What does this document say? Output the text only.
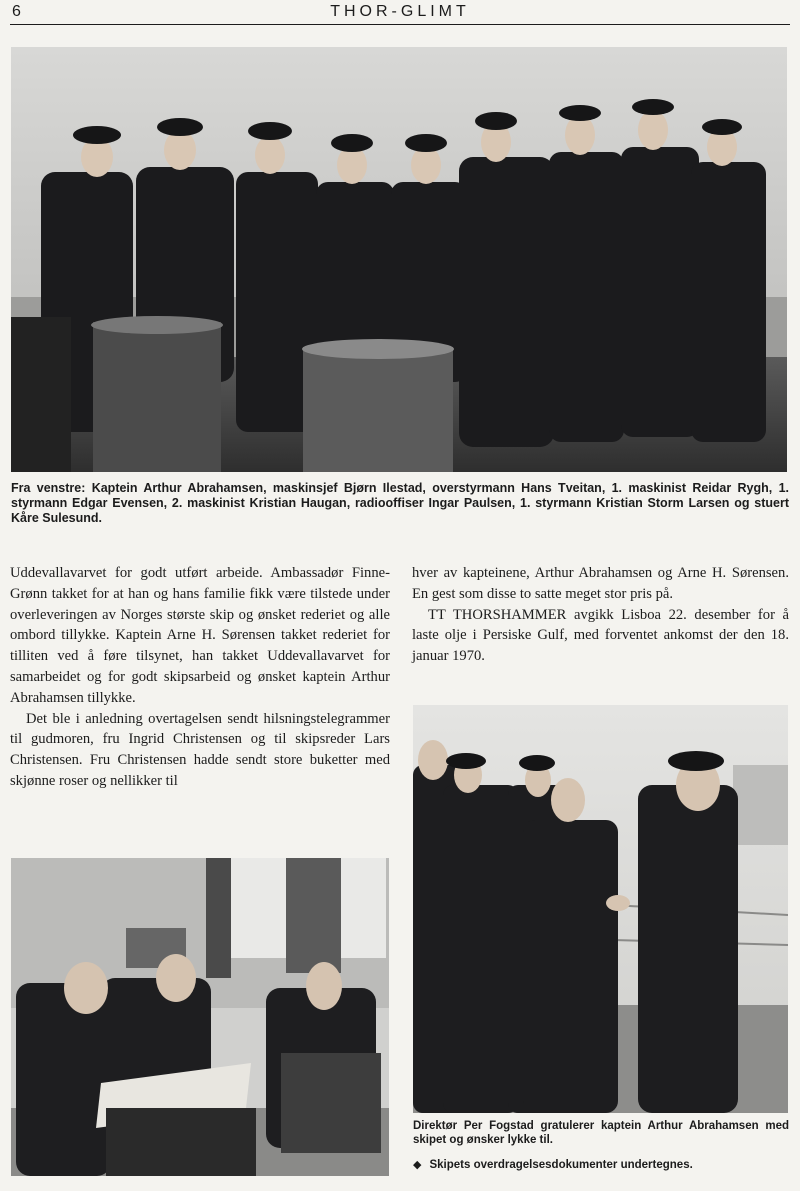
6	THOR-GLIMT
Fra venstre: Kaptein Arthur Abrahamsen, maskinsjef Bjørn Ilestad, overstyrmann Hans Tveitan, 1. maskinist Reidar Rygh, 1. styrmann Edgar Evensen, 2. maskinist Kristian Haugan, radiooffiser Ingar Paulsen, 1. styrmann Kristian Storm Larsen og stuert Kåre Sulesund.

Uddevallavarvet for godt utført arbeide. Ambassadør Finne-Grønn takket for at han og hans familie fikk være tilstede under overleveringen av Norges største skip og ønsket rederiet og alle ombord tillykke. Kaptein Arne H. Sørensen takket rederiet for tilliten ved å føre tilsynet, han takket Uddevallavarvet for samarbeidet og for godt skipsarbeid og ønsket kaptein Arthur Abrahamsen tillykke.

Det ble i anledning overtagelsen sendt hilsningstelegrammer til gudmoren, fru Ingrid Christensen og til skipsreder Lars Christensen. Fru Christensen hadde sendt store buketter med skjønne roser og nellikker til

hver av kapteinene, Arthur Abrahamsen og Arne H. Sørensen. En gest som disse to satte meget stor pris på.

TT THORSHAMMER avgikk Lisboa 22. desember for å laste olje i Persiske Gulf, med forventet ankomst der den 18. januar 1970.

Direktør Per Fogstad gratulerer kaptein Arthur Abrahamsen med skipet og ønsker lykke til.
◆ Skipets overdragelsesdokumenter undertegnes.
